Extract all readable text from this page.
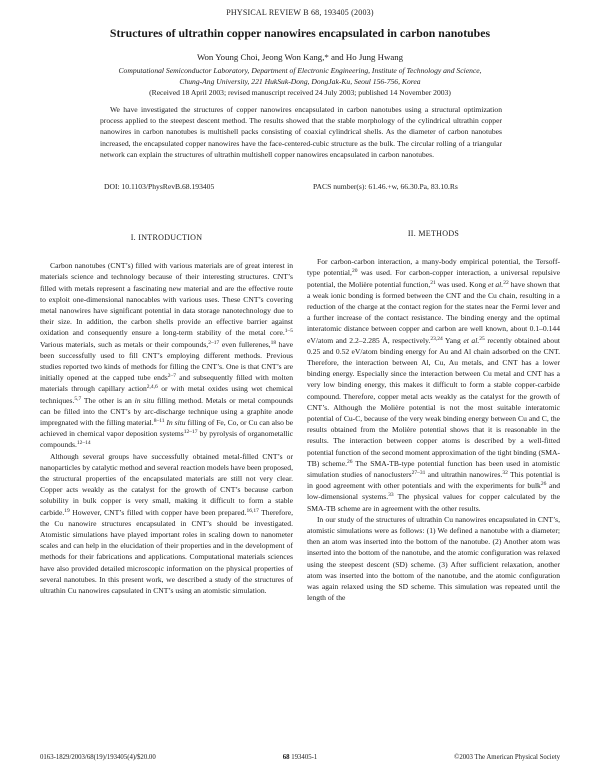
PHYSICAL REVIEW B 68, 193405 (2003)
Structures of ultrathin copper nanowires encapsulated in carbon nanotubes
Won Young Choi, Jeong Won Kang,* and Ho Jung Hwang
Computational Semiconductor Laboratory, Department of Electronic Engineering, Institute of Technology and Science,
Chung-Ang University, 221 HukSuk-Dong, DongJak-Ku, Seoul 156-756, Korea
(Received 18 April 2003; revised manuscript received 24 July 2003; published 14 November 2003)
We have investigated the structures of copper nanowires encapsulated in carbon nanotubes using a structural optimization process applied to the steepest descent method. The results showed that the stable morphology of the cylindrical ultrathin copper nanowires in carbon nanotubes is multishell packs consisting of coaxial cylindrical shells. As the diameter of carbon nanotubes increased, the encapsulated copper nanowires have the face-centered-cubic structure as the bulk. The circular rolling of a triangular network can explain the structures of ultrathin multishell copper nanowires encapsulated in carbon nanotubes.
DOI: 10.1103/PhysRevB.68.193405	PACS number(s): 61.46.+w, 66.30.Pa, 83.10.Rs
I. INTRODUCTION

Carbon nanotubes (CNT’s) filled with various materials are of great interest in materials science and technology because of their interesting structures. CNT’s filled with metals represent a fascinating new material and are the effective route to exploit one-dimensional nanocables with various uses. These CNT’s covering metal nanowires have significant potential in data storage nanotechnology due to their size. In addition, the carbon shells provide an effective barrier against oxidation and consequently ensure a long-term stability of the metal core.$^{1-5}$ Various materials, such as metals or their compounds,$^{2-17}$ even fullerenes,$^{18}$ have been successfully used to fill CNT’s employing different methods. Previous studies reported two kinds of methods for filling the CNT’s. One is that CNT’s are initially opened at the capped tube ends$^{2-7}$ and subsequently filled with molten materials through capillary action$^{2,4,6}$ or with metal oxides using wet chemical techniques.$^{5,7}$ The other is an in situ filling method. Metals or metal compounds can be filled into the CNT’s by arc-discharge technique using a graphite anode impregnated with the filling material.$^{8-11}$ In situ filling of Fe, Co, or Cu can also be achieved in chemical vapor deposition systems$^{12-17}$ by pyrolysis of organometallic compounds.$^{12-14}$

Although several groups have successfully obtained metal-filled CNT’s or nanoparticles by catalytic method and several reaction models have been proposed, the structural properties of the encapsulated materials are still not very clear. Copper acts weakly as the catalyst for the growth of CNT’s because carbon solubility in bulk copper is very small, making it difficult to form a stable carbide.$^{19}$ However, CNT’s filled with copper have been prepared.$^{16,17}$ Therefore, the Cu nanowire structures encapsulated in CNT’s should be investigated. Atomistic simulations have played important roles in scaling down to nanometer scales and can help in the elucidation of their properties and in the development of methods for their fabrications and applications. Computational materials sciences have also provided detailed microscopic information on the physical properties of several nanotubes. In this present work, we described a study of the structures of ultrathin Cu nanowires capsulated in CNT’s using an atomistic simulation.

II. METHODS

For carbon-carbon interaction, a many-body empirical potential, the Tersoff-type potential,$^{20}$ was used. For carbon-copper interaction, a universal repulsive potential, the Molière potential function,$^{21}$ was used. Kong et al.$^{22}$ have shown that a weak ionic bonding is formed between the CNT and the Cu chain, resulting in a reduction of the charge at the contact region for the states near the Fermi lever and a further increase of the contact resistance. The binding energy and the optimal interatomic distance between copper and carbon are well known, about 0.1–0.144 eV/atom and 2.2–2.285 Å, respectively.$^{23,24}$ Yang et al.$^{25}$ recently obtained about 0.25 and 0.52 eV/atom binding energy for Au and Al chain adsorbed on the CNT. Therefore, the interaction between Al, Cu, Au metals, and CNT has a lower binding energy. Especially since the interaction between Cu metal and CNT has a very low binding energy, this makes it difficult to form a stable copper-carbide compound. Therefore, copper metal acts weakly as the catalyst for the growth of CNT’s. Although the Molière potential is not the most suitable interatomic potential of Cu-C, because of the very weak binding energy between Cu and C, the results obtained from the Molière potential shows that it is reasonable in the results. The interaction between copper atoms is described by a well-fitted potential function of the second moment approximation of the tight binding (SMA-TB) scheme.$^{26}$ The SMA-TB-type potential function has been used in atomistic simulation studies of nanoclusters$^{27-31}$ and ultrathin nanowires.$^{32}$ This potential is in good agreement with other potentials and with the experiments for bulk$^{26}$ and low-dimensional systems.$^{33}$ The physical values for copper calculated by the SMA-TB scheme are in agreement with the other results.

In our study of the structures of ultrathin Cu nanowires encapsulated in CNT’s, atomistic simulations were as follows: (1) We defined a nanotube with a diameter; then an atom was inserted into the bottom of the nanotube. (2) Another atom was inserted into the bottom of the nanotube, and the atomic configuration was relaxed using the steepest descent (SD) scheme. (3) After sufficient relaxation, another atom was inserted into the bottom of the nanotube, and the atomic configuration was again relaxed using the SD scheme. This simulation was repeated until the length of the

0163-1829/2003/68(19)/193405(4)/$20.00	68 193405-1	©2003 The American Physical Society
